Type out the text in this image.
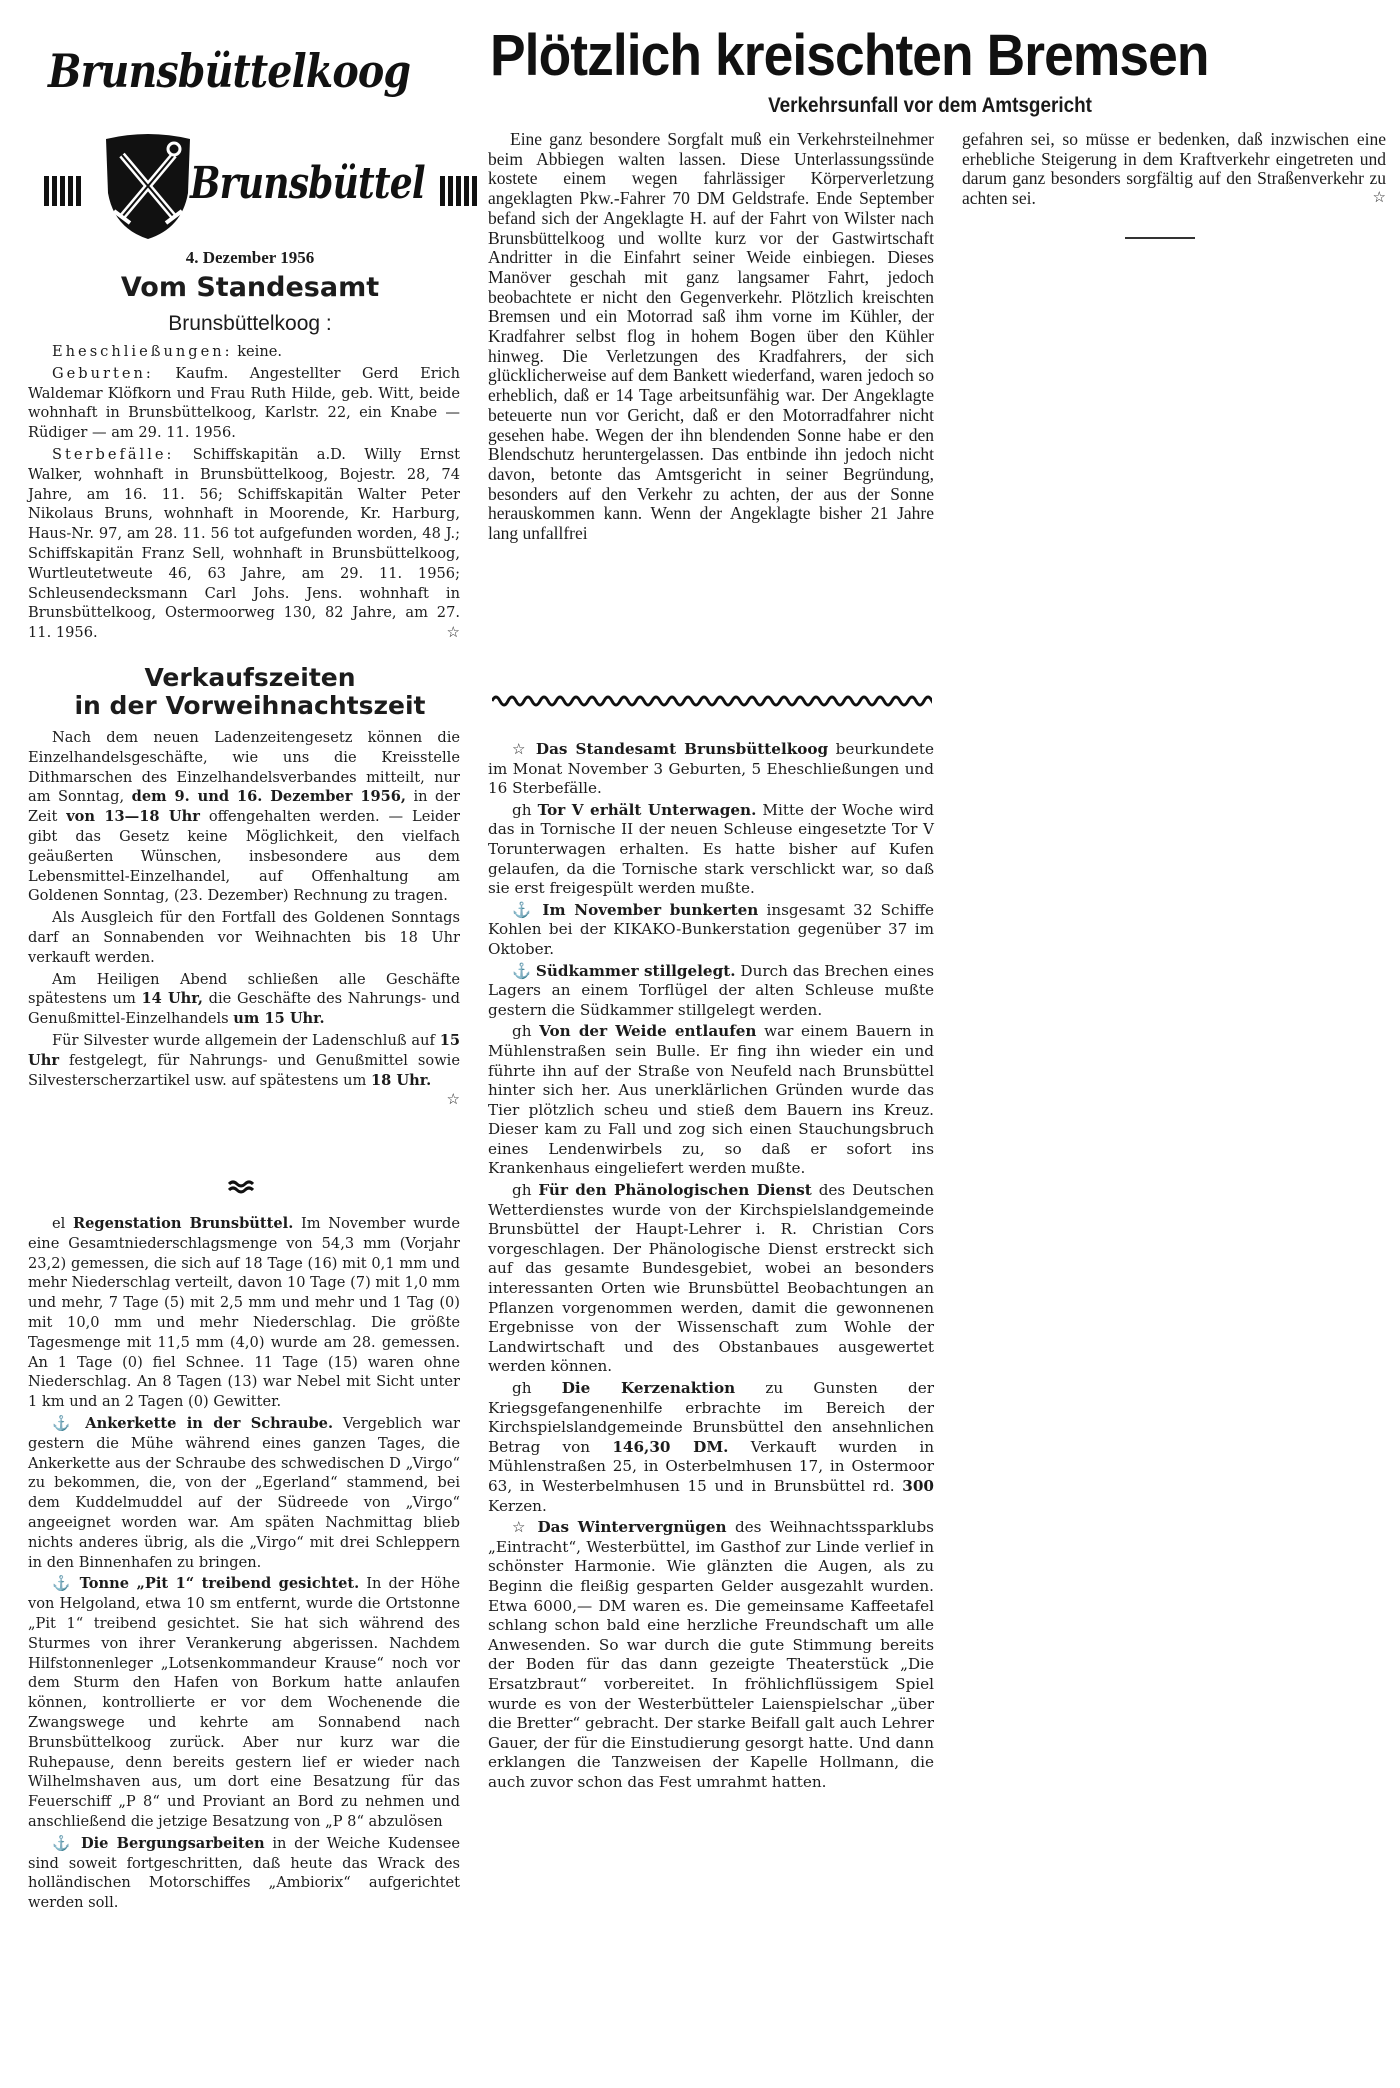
Brunsbüttelkoog
Brunsbüttel
4. Dezember 1956
Vom Standesamt
Brunsbüttelkoog :

Eheschließungen: keine.

Geburten: Kaufm. Angestellter Gerd Erich Waldemar Klöfkorn und Frau Ruth Hilde, geb. Witt, beide wohnhaft in Brunsbüttelkoog, Karlstr. 22, ein Knabe — Rüdiger — am 29. 11. 1956.

Sterbefälle: Schiffskapitän a.D. Willy Ernst Walker, wohnhaft in Brunsbüttelkoog, Bojestr. 28, 74 Jahre, am 16. 11. 56; Schiffskapitän Walter Peter Nikolaus Bruns, wohnhaft in Moorende, Kr. Harburg, Haus-Nr. 97, am 28. 11. 56 tot aufgefunden worden, 48 J.; Schiffskapitän Franz Sell, wohnhaft in Brunsbüttelkoog, Wurtleutetweute 46, 63 Jahre, am 29. 11. 1956; Schleusendecksmann Carl Johs. Jens. wohnhaft in Brunsbüttelkoog, Ostermoorweg 130, 82 Jahre, am 27. 11. 1956.	☆

Verkaufszeiten
in der Vorweihnachtszeit

Nach dem neuen Ladenzeitengesetz können die Einzelhandelsgeschäfte, wie uns die Kreisstelle Dithmarschen des Einzelhandelsverbandes mitteilt, nur am Sonntag, dem 9. und 16. Dezember 1956, in der Zeit von 13—18 Uhr offengehalten werden. — Leider gibt das Gesetz keine Möglichkeit, den vielfach geäußerten Wünschen, insbesondere aus dem Lebensmittel-Einzelhandel, auf Offenhaltung am Goldenen Sonntag, (23. Dezember) Rechnung zu tragen.

Als Ausgleich für den Fortfall des Goldenen Sonntags darf an Sonnabenden vor Weihnachten bis 18 Uhr verkauft werden.

Am Heiligen Abend schließen alle Geschäfte spätestens um 14 Uhr, die Geschäfte des Nahrungs- und Genußmittel-Einzelhandels um 15 Uhr.

Für Silvester wurde allgemein der Ladenschluß auf 15 Uhr festgelegt, für Nahrungs- und Genußmittel sowie Silvesterscherzartikel usw. auf spätestens um 18 Uhr.
☆

el Regenstation Brunsbüttel. Im November wurde eine Gesamtniederschlagsmenge von 54,3 mm (Vorjahr 23,2) gemessen, die sich auf 18 Tage (16) mit 0,1 mm und mehr Niederschlag verteilt, davon 10 Tage (7) mit 1,0 mm und mehr, 7 Tage (5) mit 2,5 mm und mehr und 1 Tag (0) mit 10,0 mm und mehr Niederschlag. Die größte Tagesmenge mit 11,5 mm (4,0) wurde am 28. gemessen. An 1 Tage (0) fiel Schnee. 11 Tage (15) waren ohne Niederschlag. An 8 Tagen (13) war Nebel mit Sicht unter 1 km und an 2 Tagen (0) Gewitter.

⚓ Ankerkette in der Schraube. Vergeblich war gestern die Mühe während eines ganzen Tages, die Ankerkette aus der Schraube des schwedischen D „Virgo“ zu bekommen, die, von der „Egerland“ stammend, bei dem Kuddelmuddel auf der Südreede von „Virgo“ angeeignet worden war. Am späten Nachmittag blieb nichts anderes übrig, als die „Virgo“ mit drei Schleppern in den Binnenhafen zu bringen.

⚓ Tonne „Pit 1“ treibend gesichtet. In der Höhe von Helgoland, etwa 10 sm entfernt, wurde die Ortstonne „Pit 1“ treibend gesichtet. Sie hat sich während des Sturmes von ihrer Verankerung abgerissen. Nachdem Hilfstonnenleger „Lotsenkommandeur Krause“ noch vor dem Sturm den Hafen von Borkum hatte anlaufen können, kontrollierte er vor dem Wochenende die Zwangswege und kehrte am Sonnabend nach Brunsbüttelkoog zurück. Aber nur kurz war die Ruhepause, denn bereits gestern lief er wieder nach Wilhelmshaven aus, um dort eine Besatzung für das Feuerschiff „P 8“ und Proviant an Bord zu nehmen und anschließend die jetzige Besatzung von „P 8“ abzulösen

⚓ Die Bergungsarbeiten in der Weiche Kudensee sind soweit fortgeschritten, daß heute das Wrack des holländischen Motorschiffes „Ambiorix“ aufgerichtet werden soll.

Plötzlich kreischten Bremsen
Verkehrsunfall vor dem Amtsgericht

Eine ganz besondere Sorgfalt muß ein Verkehrsteilnehmer beim Abbiegen walten lassen. Diese Unterlassungssünde kostete einem wegen fahrlässiger Körperverletzung angeklagten Pkw.-Fahrer 70 DM Geldstrafe. Ende September befand sich der Angeklagte H. auf der Fahrt von Wilster nach Brunsbüttelkoog und wollte kurz vor der Gastwirtschaft Andritter in die Einfahrt seiner Weide einbiegen. Dieses Manöver geschah mit ganz langsamer Fahrt, jedoch beobachtete er nicht den Gegenverkehr. Plötzlich kreischten Bremsen und ein Motorrad saß ihm vorne im Kühler, der Kradfahrer selbst flog in hohem Bogen über den Kühler hinweg. Die Verletzungen des Kradfahrers, der sich glücklicherweise auf dem Bankett wiederfand, waren jedoch so erheblich, daß er 14 Tage arbeitsunfähig war. Der Angeklagte beteuerte nun vor Gericht, daß er den Motorradfahrer nicht gesehen habe. Wegen der ihn blendenden Sonne habe er den Blendschutz heruntergelassen. Das entbinde ihn jedoch nicht davon, betonte das Amtsgericht in seiner Begründung, besonders auf den Verkehr zu achten, der aus der Sonne herauskommen kann. Wenn der Angeklagte bisher 21 Jahre lang unfallfrei

gefahren sei, so müsse er bedenken, daß inzwischen eine erhebliche Steigerung in dem Kraftverkehr eingetreten und darum ganz besonders sorgfältig auf den Straßenverkehr zu achten sei.	☆

☆ Das Standesamt Brunsbüttelkoog beurkundete im Monat November 3 Geburten, 5 Eheschließungen und 16 Sterbefälle.

gh Tor V erhält Unterwagen. Mitte der Woche wird das in Tornische II der neuen Schleuse eingesetzte Tor V Torunterwagen erhalten. Es hatte bisher auf Kufen gelaufen, da die Tornische stark verschlickt war, so daß sie erst freigespült werden mußte.

⚓ Im November bunkerten insgesamt 32 Schiffe Kohlen bei der KIKAKO-Bunkerstation gegenüber 37 im Oktober.

⚓ Südkammer stillgelegt. Durch das Brechen eines Lagers an einem Torflügel der alten Schleuse mußte gestern die Südkammer stillgelegt werden.

gh Von der Weide entlaufen war einem Bauern in Mühlenstraßen sein Bulle. Er fing ihn wieder ein und führte ihn auf der Straße von Neufeld nach Brunsbüttel hinter sich her. Aus unerklärlichen Gründen wurde das Tier plötzlich scheu und stieß dem Bauern ins Kreuz. Dieser kam zu Fall und zog sich einen Stauchungsbruch eines Lendenwirbels zu, so daß er sofort ins Krankenhaus eingeliefert werden mußte.

gh Für den Phänologischen Dienst des Deutschen Wetterdienstes wurde von der Kirchspielslandgemeinde Brunsbüttel der Haupt-Lehrer i. R. Christian Cors vorgeschlagen. Der Phänologische Dienst erstreckt sich auf das gesamte Bundesgebiet, wobei an besonders interessanten Orten wie Brunsbüttel Beobachtungen an Pflanzen vorgenommen werden, damit die gewonnenen Ergebnisse von der Wissenschaft zum Wohle der Landwirtschaft und des Obstanbaues ausgewertet werden können.

gh Die Kerzenaktion zu Gunsten der Kriegsgefangenenhilfe erbrachte im Bereich der Kirchspielslandgemeinde Brunsbüttel den ansehnlichen Betrag von 146,30 DM. Verkauft wurden in Mühlenstraßen 25, in Osterbelmhusen 17, in Ostermoor 63, in Westerbelmhusen 15 und in Brunsbüttel rd. 300 Kerzen.

☆ Das Wintervergnügen des Weihnachtssparklubs „Eintracht“, Westerbüttel, im Gasthof zur Linde verlief in schönster Harmonie. Wie glänzten die Augen, als zu Beginn die fleißig gesparten Gelder ausgezahlt wurden. Etwa 6000,— DM waren es. Die gemeinsame Kaffeetafel schlang schon bald eine herzliche Freundschaft um alle Anwesenden. So war durch die gute Stimmung bereits der Boden für das dann gezeigte Theaterstück „Die Ersatzbraut“ vorbereitet. In fröhlichflüssigem Spiel wurde es von der Westerbütteler Laienspielschar „über die Bretter“ gebracht. Der starke Beifall galt auch Lehrer Gauer, der für die Einstudierung gesorgt hatte. Und dann erklangen die Tanzweisen der Kapelle Hollmann, die auch zuvor schon das Fest umrahmt hatten.
